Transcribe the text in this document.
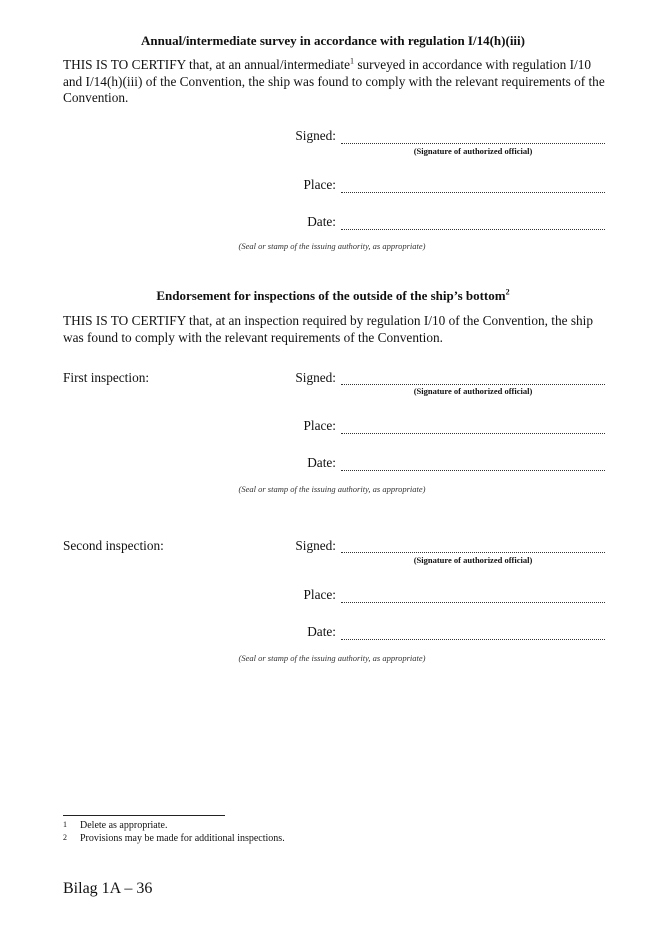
Annual/intermediate survey in accordance with regulation I/14(h)(iii)

THIS IS TO CERTIFY that, at an annual/intermediate$^1$ surveyed in accordance with regulation I/10 and I/14(h)(iii) of the Convention, the ship was found to comply with the relevant requirements of the Convention.

Signed:
(Signature of authorized official)
Place:
Date:
(Seal or stamp of the issuing authority, as appropriate)
Endorsement for inspections of the outside of the ship’s bottom$^2$

THIS IS TO CERTIFY that, at an inspection required by regulation I/10 of the Convention, the ship was found to comply with the relevant requirements of the Convention.

First inspection:	Signed:
(Signature of authorized official)
Place:
Date:
(Seal or stamp of the issuing authority, as appropriate)
Second inspection:	Signed:
(Signature of authorized official)
Place:
Date:
(Seal or stamp of the issuing authority, as appropriate)
1 Delete as appropriate.
2 Provisions may be made for additional inspections.
Bilag 1A – 36
